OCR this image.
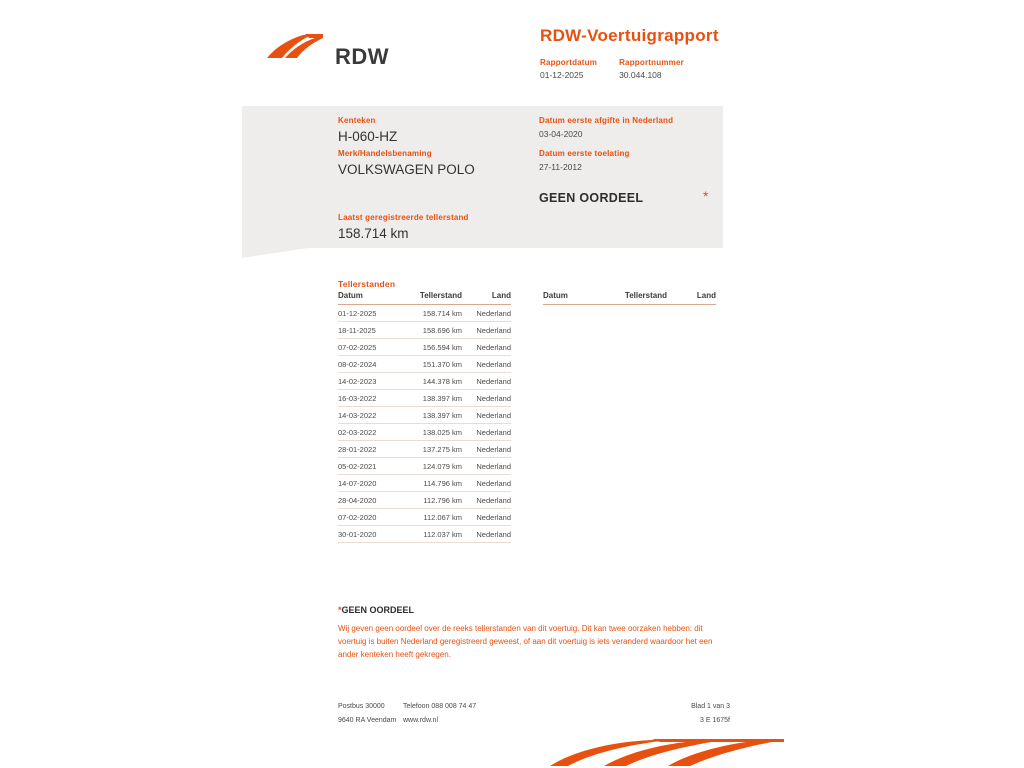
RDW
RDW-Voertuigrapport
Rapportdatum
01-12-2025
Rapportnummer
30.044.108
Kenteken
H-060-HZ
Merk/Handelsbenaming
VOLKSWAGEN POLO
Laatst geregistreerde tellerstand
158.714 km
Datum eerste afgifte in Nederland
03-04-2020
Datum eerste toelating
27-11-2012
GEEN OORDEEL	*
Tellerstanden
Datum	Tellerstand	Land
01-12-2025	158.714 km	Nederland
18-11-2025	158.696 km	Nederland
07-02-2025	156.594 km	Nederland
08-02-2024	151.370 km	Nederland
14-02-2023	144.378 km	Nederland
16-03-2022	138.397 km	Nederland
14-03-2022	138.397 km	Nederland
02-03-2022	138.025 km	Nederland
28-01-2022	137.275 km	Nederland
05-02-2021	124.079 km	Nederland
14-07-2020	114.796 km	Nederland
28-04-2020	112.796 km	Nederland
07-02-2020	112.067 km	Nederland
30-01-2020	112.037 km	Nederland
Datum	Tellerstand	Land
*GEEN OORDEEL
Wij geven geen oordeel over de reeks tellerstanden van dit voertuig. Dit kan twee oorzaken hebben: dit voertuig is buiten Nederland geregistreerd geweest, of aan dit voertuig is iets veranderd waardoor het een ander kenteken heeft gekregen.
Postbus 30000	Telefoon 088 008 74 47
9640 RA Veendam www.rdw.nl
Blad 1 van 3
3 E 1675f
